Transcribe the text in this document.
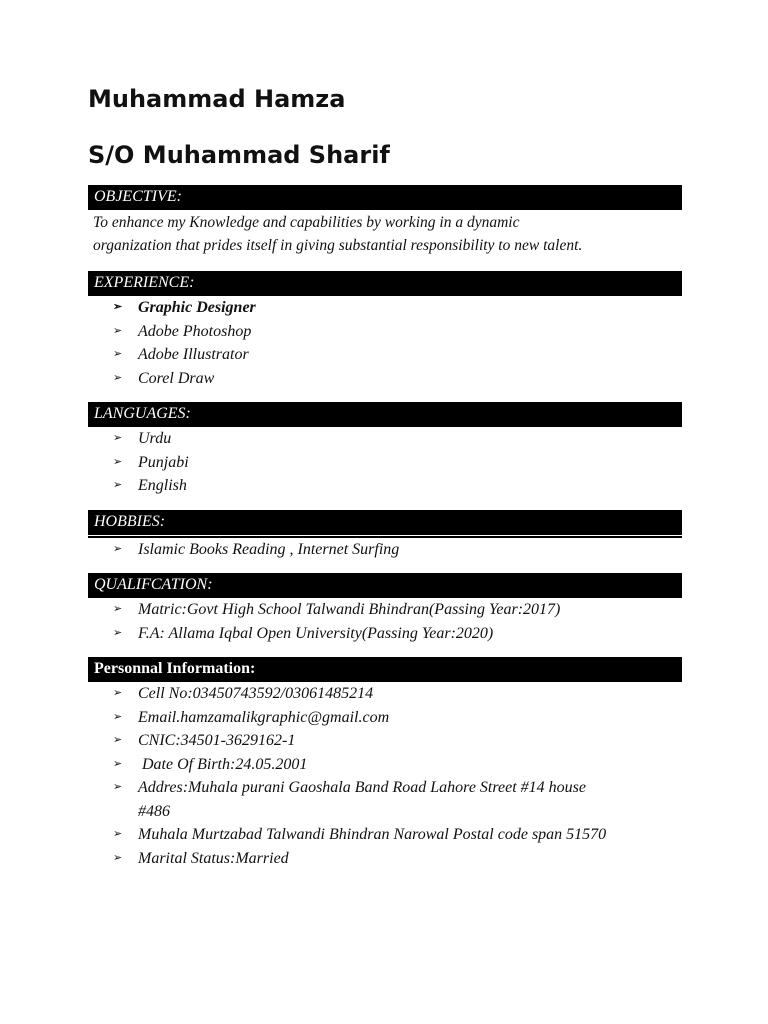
Muhammad Hamza

S/O Muhammad Sharif

OBJECTIVE:

To enhance my Knowledge and capabilities by working in a dynamic
organization that prides itself in giving substantial responsibility to new talent.

EXPERIENCE:
➢ Graphic Designer
➢ Adobe Photoshop
➢ Adobe Illustrator
➢ Corel Draw
LANGUAGES:
➢ Urdu
➢ Punjabi
➢ English
HOBBIES:
➢ Islamic Books Reading , Internet Surfing
QUALIFCATION:
➢ Matric:Govt High School Talwandi Bhindran(Passing Year:2017)
➢ F.A: Allama Iqbal Open University(Passing Year:2020)
Personnal Information:
➢ Cell No:03450743592/03061485214
➢ Email.hamzamalikgraphic@gmail.com
➢ CNIC:34501-3629162-1
➢ Date Of Birth:24.05.2001
➢ Addres:Muhala purani Gaoshala Band Road Lahore Street #14 house
#486
➢ Muhala Murtzabad Talwandi Bhindran Narowal Postal code span 51570
➢ Marital Status:Married
